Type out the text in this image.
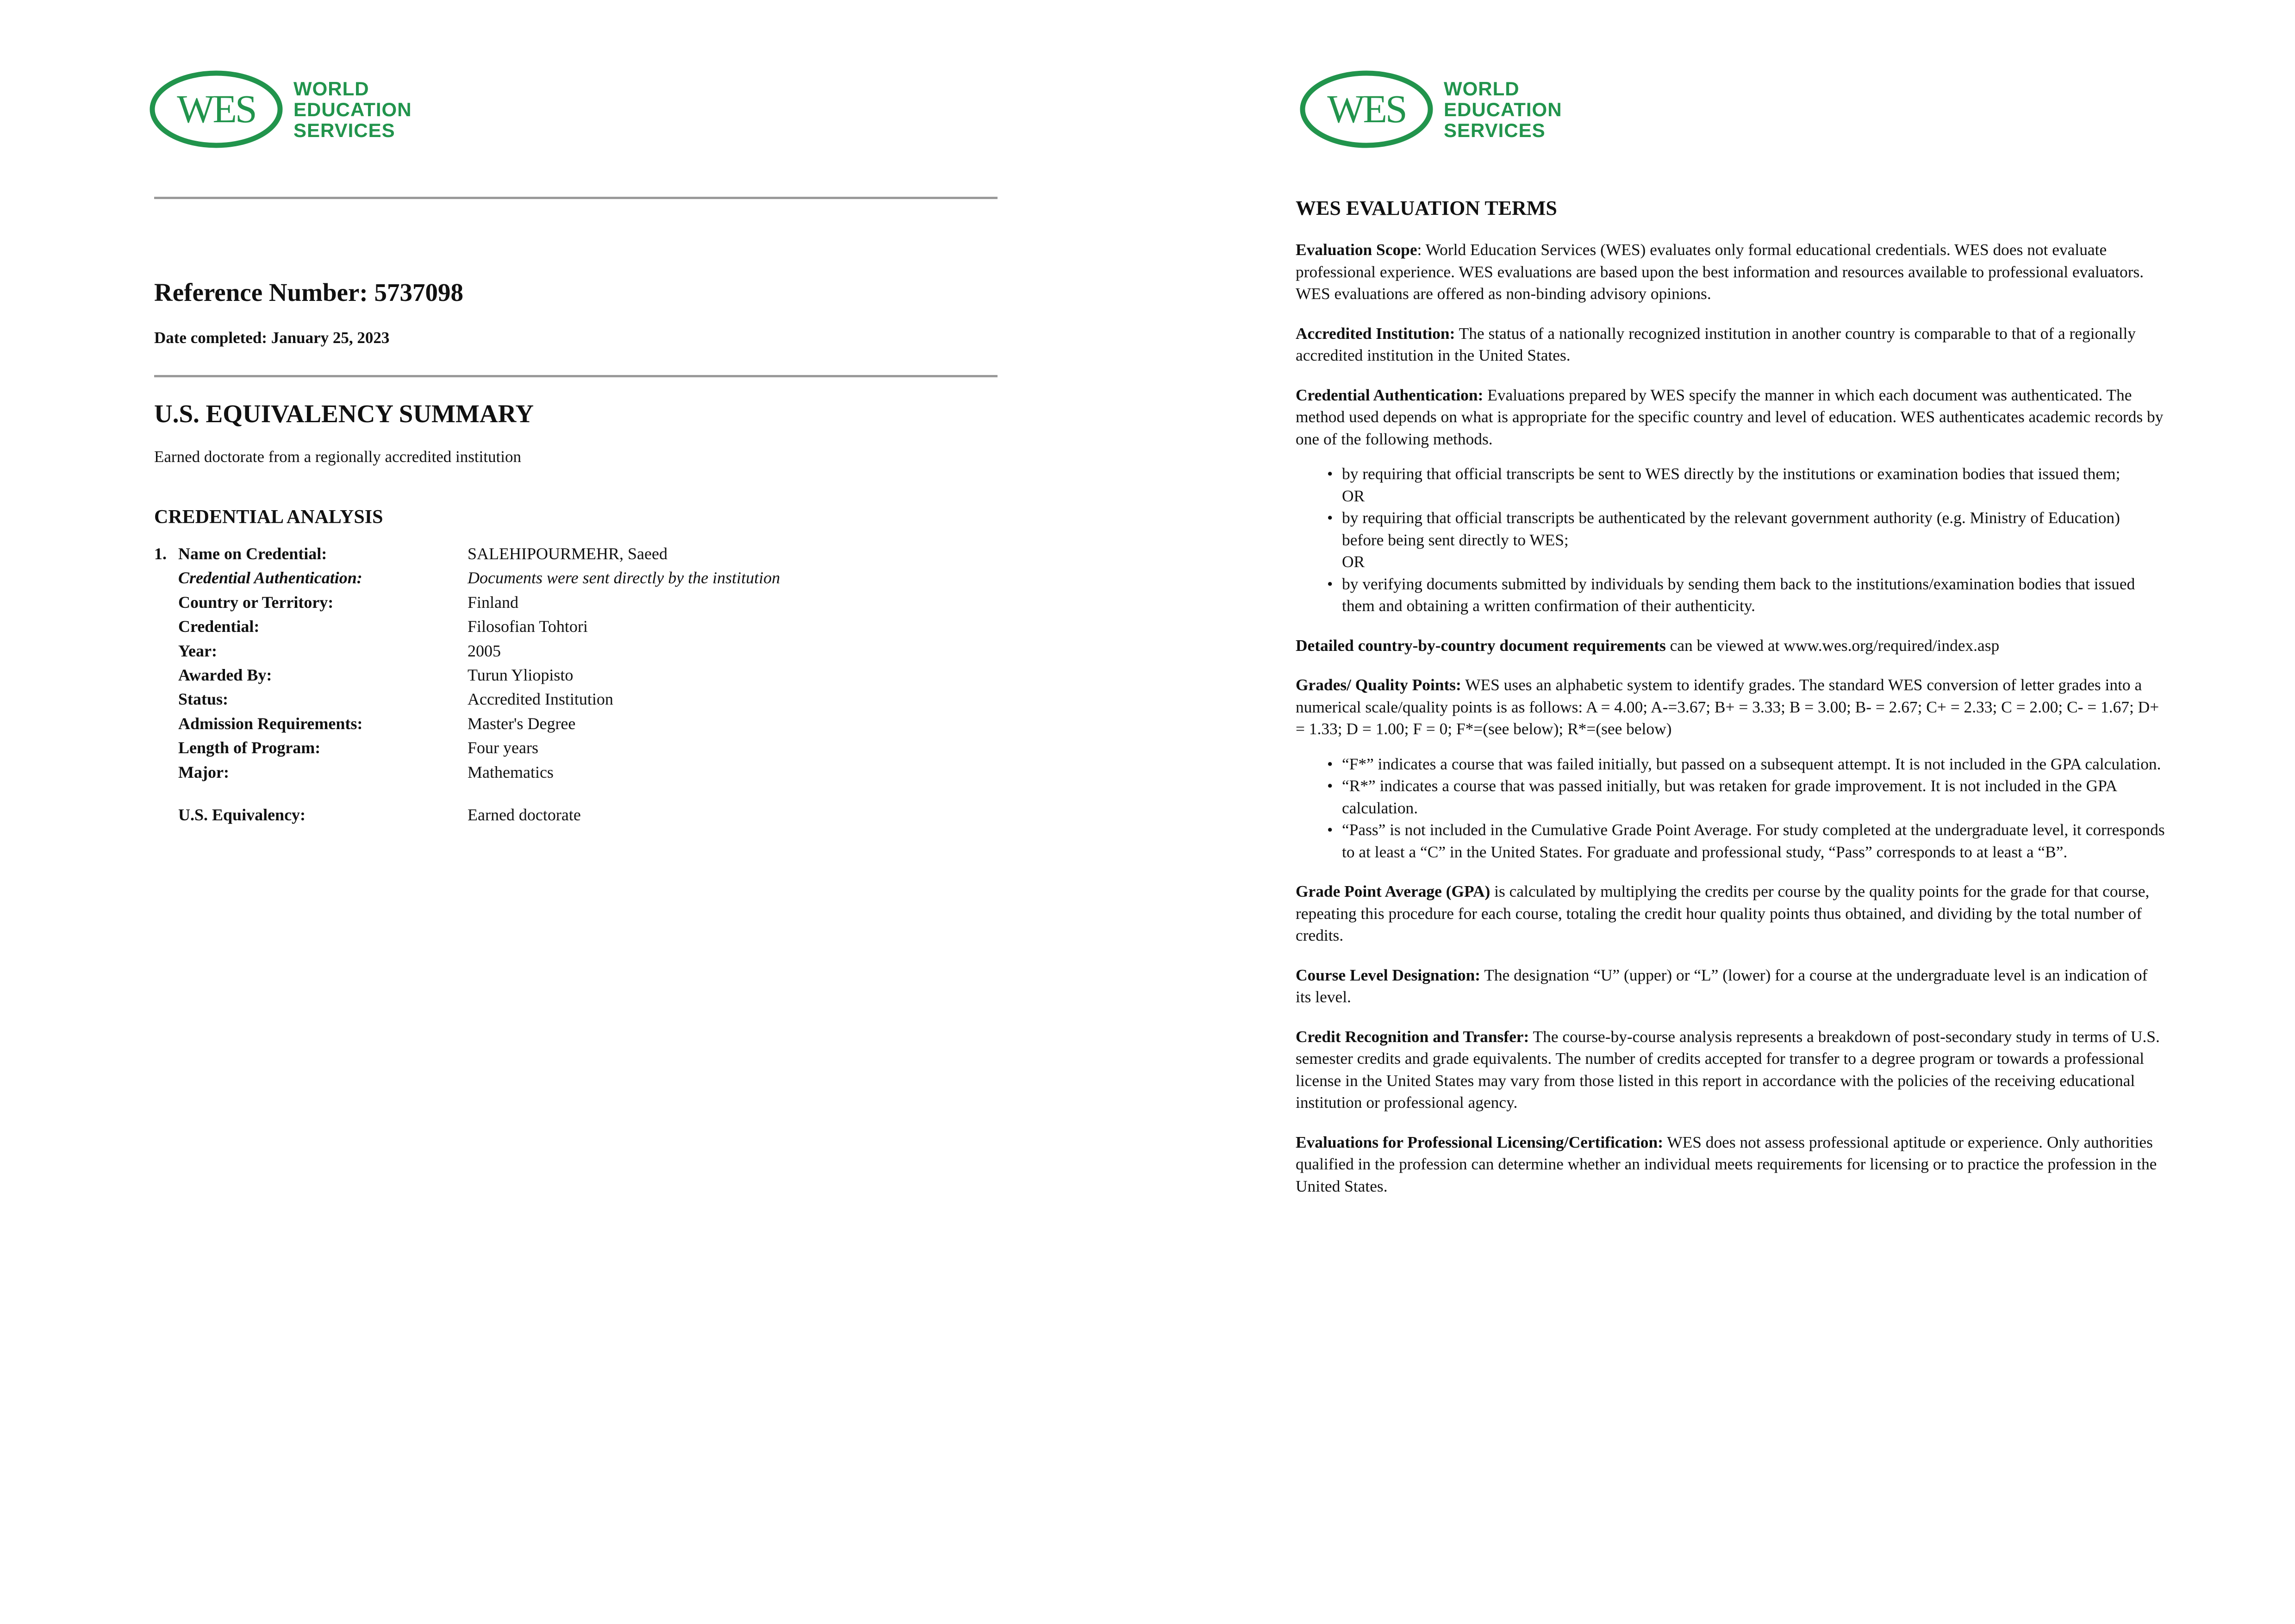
WES WORLD
EDUCATION
SERVICES
Reference Number: 5737098
Date completed: January 25, 2023
U.S. EQUIVALENCY SUMMARY
Earned doctorate from a regionally accredited institution
CREDENTIAL ANALYSIS
1. Name on Credential:	SALEHIPOURMEHR, Saeed
Credential Authentication:	Documents were sent directly by the institution
Country or Territory:	Finland
Credential:	Filosofian Tohtori
Year:	2005
Awarded By:	Turun Yliopisto
Status:	Accredited Institution
Admission Requirements:	Master's Degree
Length of Program:	Four years
Major:	Mathematics
U.S. Equivalency:	Earned doctorate
WES WORLD
EDUCATION
SERVICES
WES EVALUATION TERMS

Evaluation Scope: World Education Services (WES) evaluates only formal educational credentials. WES does not evaluate professional experience. WES evaluations are based upon the best information and resources available to professional evaluators. WES evaluations are offered as non-binding advisory opinions.

Accredited Institution: The status of a nationally recognized institution in another country is comparable to that of a regionally accredited institution in the United States.

Credential Authentication: Evaluations prepared by WES specify the manner in which each document was authenticated. The method used depends on what is appropriate for the specific country and level of education. WES authenticates academic records by one of the following methods.

• by requiring that official transcripts be sent to WES directly by the institutions or examination bodies that issued them;
OR
• by requiring that official transcripts be authenticated by the relevant government authority (e.g. Ministry of Education) before being sent directly to WES;
OR
• by verifying documents submitted by individuals by sending them back to the institutions/examination bodies that issued them and obtaining a written confirmation of their authenticity.

Detailed country-by-country document requirements can be viewed at www.wes.org/required/index.asp

Grades/ Quality Points: WES uses an alphabetic system to identify grades. The standard WES conversion of letter grades into a numerical scale/quality points is as follows: A = 4.00; A-=3.67; B+ = 3.33; B = 3.00; B- = 2.67; C+ = 2.33; C = 2.00; C- = 1.67; D+ = 1.33; D = 1.00; F = 0; F*=(see below); R*=(see below)

• “F*” indicates a course that was failed initially, but passed on a subsequent attempt. It is not included in the GPA calculation.
• “R*” indicates a course that was passed initially, but was retaken for grade improvement. It is not included in the GPA calculation.
• “Pass” is not included in the Cumulative Grade Point Average. For study completed at the undergraduate level, it corresponds to at least a “C” in the United States. For graduate and professional study, “Pass” corresponds to at least a “B”.

Grade Point Average (GPA) is calculated by multiplying the credits per course by the quality points for the grade for that course, repeating this procedure for each course, totaling the credit hour quality points thus obtained, and dividing by the total number of credits.

Course Level Designation: The designation “U” (upper) or “L” (lower) for a course at the undergraduate level is an indication of its level.

Credit Recognition and Transfer: The course-by-course analysis represents a breakdown of post-secondary study in terms of U.S. semester credits and grade equivalents. The number of credits accepted for transfer to a degree program or towards a professional license in the United States may vary from those listed in this report in accordance with the policies of the receiving educational institution or professional agency.

Evaluations for Professional Licensing/Certification: WES does not assess professional aptitude or experience. Only authorities qualified in the profession can determine whether an individual meets requirements for licensing or to practice the profession in the United States.
